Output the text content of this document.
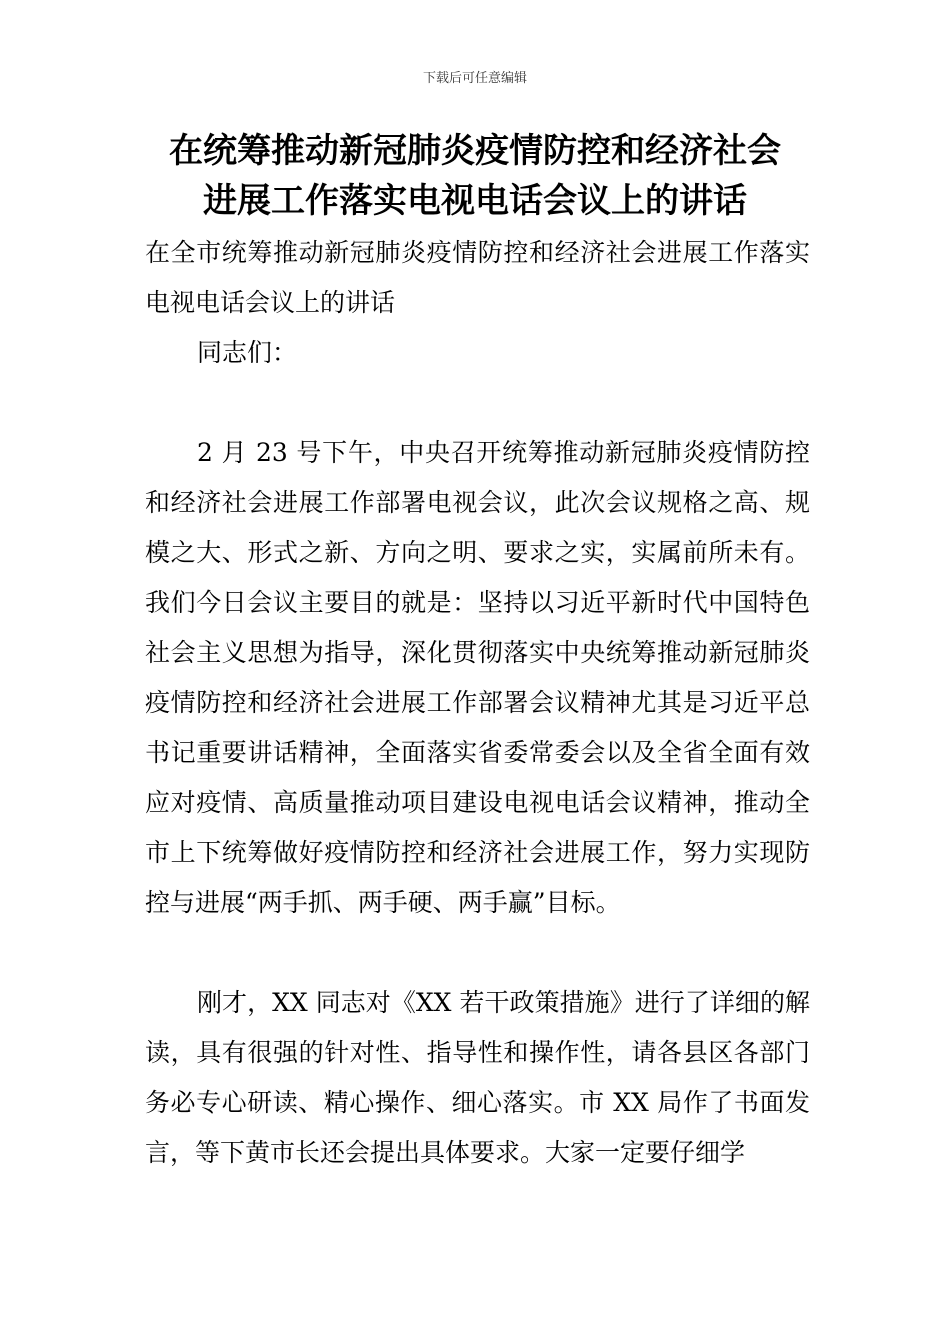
下载后可任意编辑
在统筹推动新冠肺炎疫情防控和经济社会
进展工作落实电视电话会议上的讲话

在全市统筹推动新冠肺炎疫情防控和经济社会进展工作落实电视电话会议上的讲话

同志们：

2 月 23 号下午，中央召开统筹推动新冠肺炎疫情防控和经济社会进展工作部署电视会议，此次会议规格之高、规模之大、形式之新、方向之明、要求之实，实属前所未有。我们今日会议主要目的就是：坚持以习近平新时代中国特色社会主义思想为指导，深化贯彻落实中央统筹推动新冠肺炎疫情防控和经济社会进展工作部署会议精神尤其是习近平总书记重要讲话精神，全面落实省委常委会以及全省全面有效应对疫情、高质量推动项目建设电视电话会议精神，推动全市上下统筹做好疫情防控和经济社会进展工作，努力实现防控与进展“两手抓、两手硬、两手赢”目标。

刚才，XX 同志对《XX 若干政策措施》进行了详细的解读，具有很强的针对性、指导性和操作性，请各县区各部门务必专心研读、精心操作、细心落实。市 XX 局作了书面发言，等下黄市长还会提出具体要求。大家一定要仔细学
